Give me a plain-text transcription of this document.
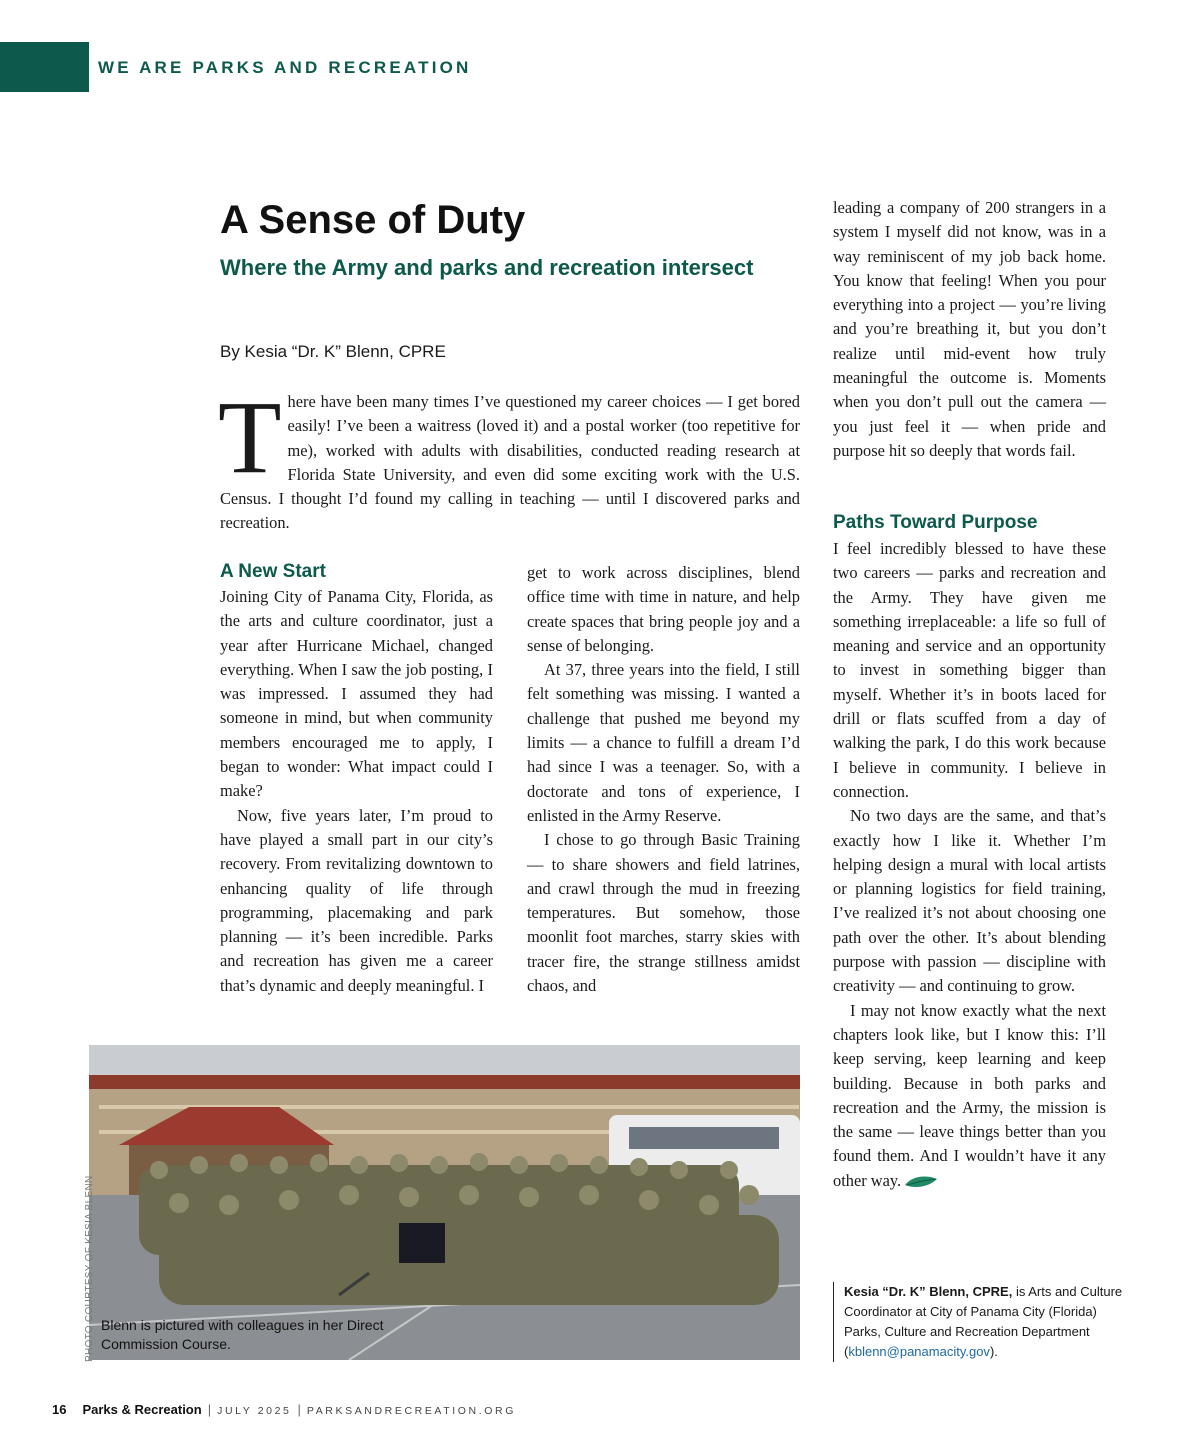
WE ARE PARKS AND RECREATION
A Sense of Duty
Where the Army and parks and recreation intersect
By Kesia “Dr. K” Blenn, CPRE
There have been many times I’ve questioned my career choices — I get bored easily! I’ve been a waitress (loved it) and a postal worker (too repetitive for me), worked with adults with disabilities, conducted reading research at Florida State University, and even did some exciting work with the U.S. Census. I thought I’d found my calling in teaching — until I discovered parks and recreation.
A New Start

Joining City of Panama City, Florida, as the arts and culture coordinator, just a year after Hurricane Michael, changed everything. When I saw the job posting, I was impressed. I assumed they had someone in mind, but when community members encouraged me to apply, I began to wonder: What impact could I make?

Now, five years later, I’m proud to have played a small part in our city’s recovery. From revitalizing downtown to enhancing quality of life through programming, placemaking and park planning — it’s been incredible. Parks and recreation has given me a career that’s dynamic and deeply meaningful. I

get to work across disciplines, blend office time with time in nature, and help create spaces that bring people joy and a sense of belonging.

At 37, three years into the field, I still felt something was missing. I wanted a challenge that pushed me beyond my limits — a chance to fulfill a dream I’d had since I was a teenager. So, with a doctorate and tons of experience, I enlisted in the Army Reserve.

I chose to go through Basic Training — to share showers and field latrines, and crawl through the mud in freezing temperatures. But somehow, those moonlit foot marches, starry skies with tracer fire, the strange stillness amidst chaos, and

leading a company of 200 strangers in a system I myself did not know, was in a way reminiscent of my job back home. You know that feeling! When you pour everything into a project — you’re living and you’re breathing it, but you don’t realize until mid-event how truly meaningful the outcome is. Moments when you don’t pull out the camera — you just feel it — when pride and purpose hit so deeply that words fail.

Paths Toward Purpose

I feel incredibly blessed to have these two careers — parks and recreation and the Army. They have given me something irreplaceable: a life so full of meaning and service and an opportunity to invest in something bigger than myself. Whether it’s in boots laced for drill or flats scuffed from a day of walking the park, I do this work because I believe in community. I believe in connection.

No two days are the same, and that’s exactly how I like it. Whether I’m helping design a mural with local artists or planning logistics for field training, I’ve realized it’s not about choosing one path over the other. It’s about blending purpose with passion — discipline with creativity — and continuing to grow.

I may not know exactly what the next chapters look like, but I know this: I’ll keep serving, keep learning and keep building. Because in both parks and recreation and the Army, the mission is the same — leave things better than you found them. And I wouldn’t have it any other way.

Blenn is pictured with colleagues in her Direct Commission Course.
PHOTO COURTESY OF KESIA BLENN	Kesia “Dr. K” Blenn, CPRE, is Arts and Culture Coordinator at City of Panama City (Florida) Parks, Culture and Recreation Department (kblenn@panamacity.gov).
16 Parks & Recreation | JULY 2025 | PARKSANDRECREATION.ORG
